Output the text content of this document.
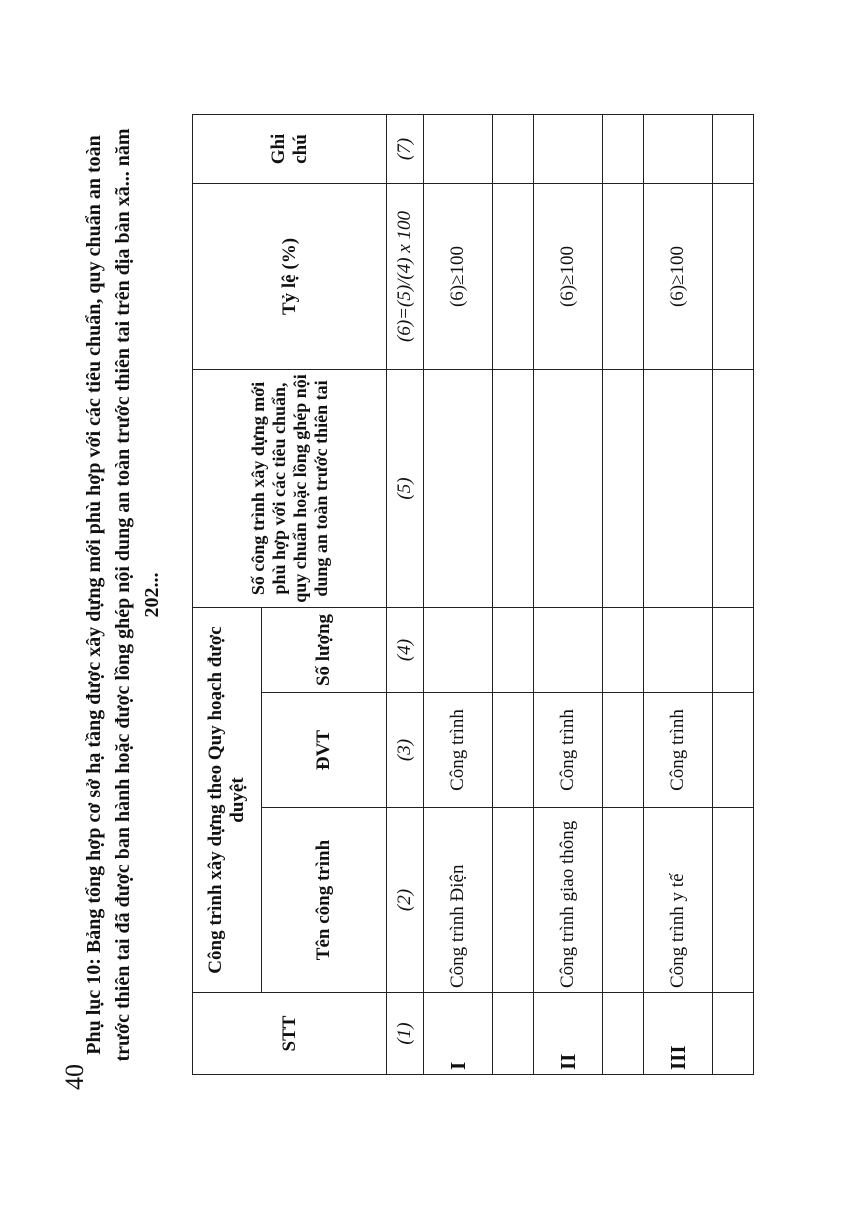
40
Phụ lục 10: Bảng tổng hợp cơ sở hạ tầng được xây dựng mới phù hợp với các tiêu chuẩn, quy chuẩn an toàn trước thiên tai đã được ban hành hoặc được lồng ghép nội dung an toàn trước thiên tai trên địa bàn xã... năm 202...
STT	Công trình xây dựng theo Quy hoạch được duyệt			Số công trình xây dựng mới phù hợp với các tiêu chuẩn, quy chuẩn hoặc lồng ghép nội dung an toàn trước thiên tai	Tỷ lệ (%)	Ghi chú
	Tên công trình	ĐVT	Số lượng			
(1)	(2)	(3)	(4)	(5)	(6)=(5)/(4) x 100	(7)
I	Công trình Điện	Công trình			(6)≥100	

II	Công trình giao thông	Công trình			(6)≥100	

III	Công trình y tế	Công trình			(6)≥100	
